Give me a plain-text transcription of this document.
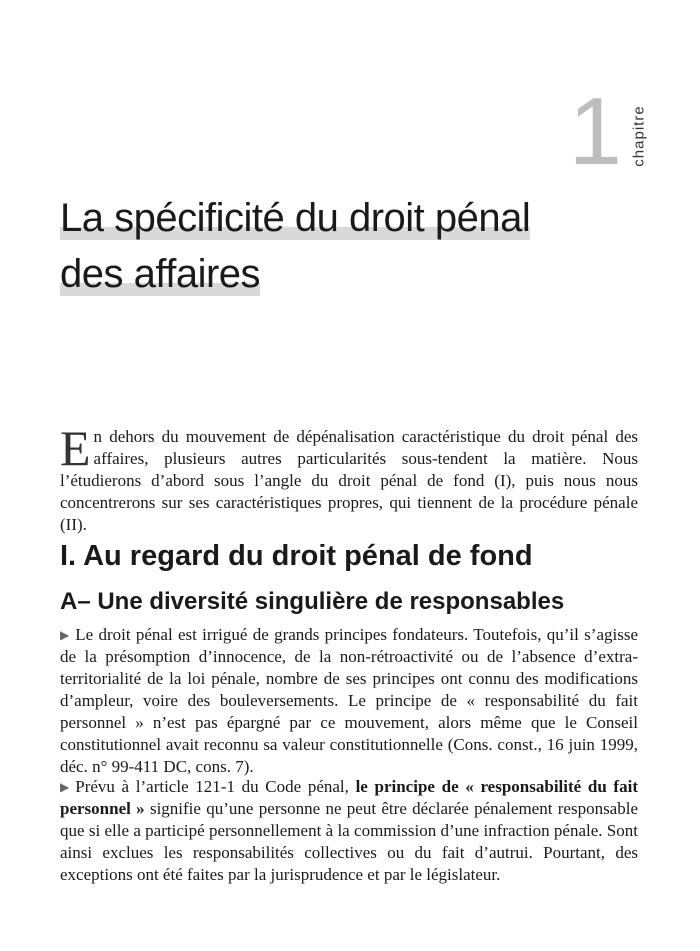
1 chapitre
La spécificité du droit pénal
des affaires

En dehors du mouvement de dépénalisation caractéristique du droit pénal des affaires, plusieurs autres particularités sous-tendent la matière. Nous l’étudierons d’abord sous l’angle du droit pénal de fond (I), puis nous nous concentrerons sur ses caractéristiques propres, qui tiennent de la procédure pénale (II).

I. Au regard du droit pénal de fond
A– Une diversité singulière de responsables

▶ Le droit pénal est irrigué de grands principes fondateurs. Toutefois, qu’il s’agisse de la présomption d’innocence, de la non-rétroactivité ou de l’absence d’extraterritorialité de la loi pénale, nombre de ses principes ont connu des modifications d’ampleur, voire des bouleversements. Le principe de « responsabilité du fait personnel » n’est pas épargné par ce mouvement, alors même que le Conseil constitutionnel avait reconnu sa valeur constitutionnelle (Cons. const., 16 juin 1999, déc. n° 99-411 DC, cons. 7).

▶ Prévu à l’article 121-1 du Code pénal, le principe de « responsabilité du fait personnel » signifie qu’une personne ne peut être déclarée pénalement responsable que si elle a participé personnellement à la commission d’une infraction pénale. Sont ainsi exclues les responsabilités collectives ou du fait d’autrui. Pourtant, des exceptions ont été faites par la jurisprudence et par le législateur.
